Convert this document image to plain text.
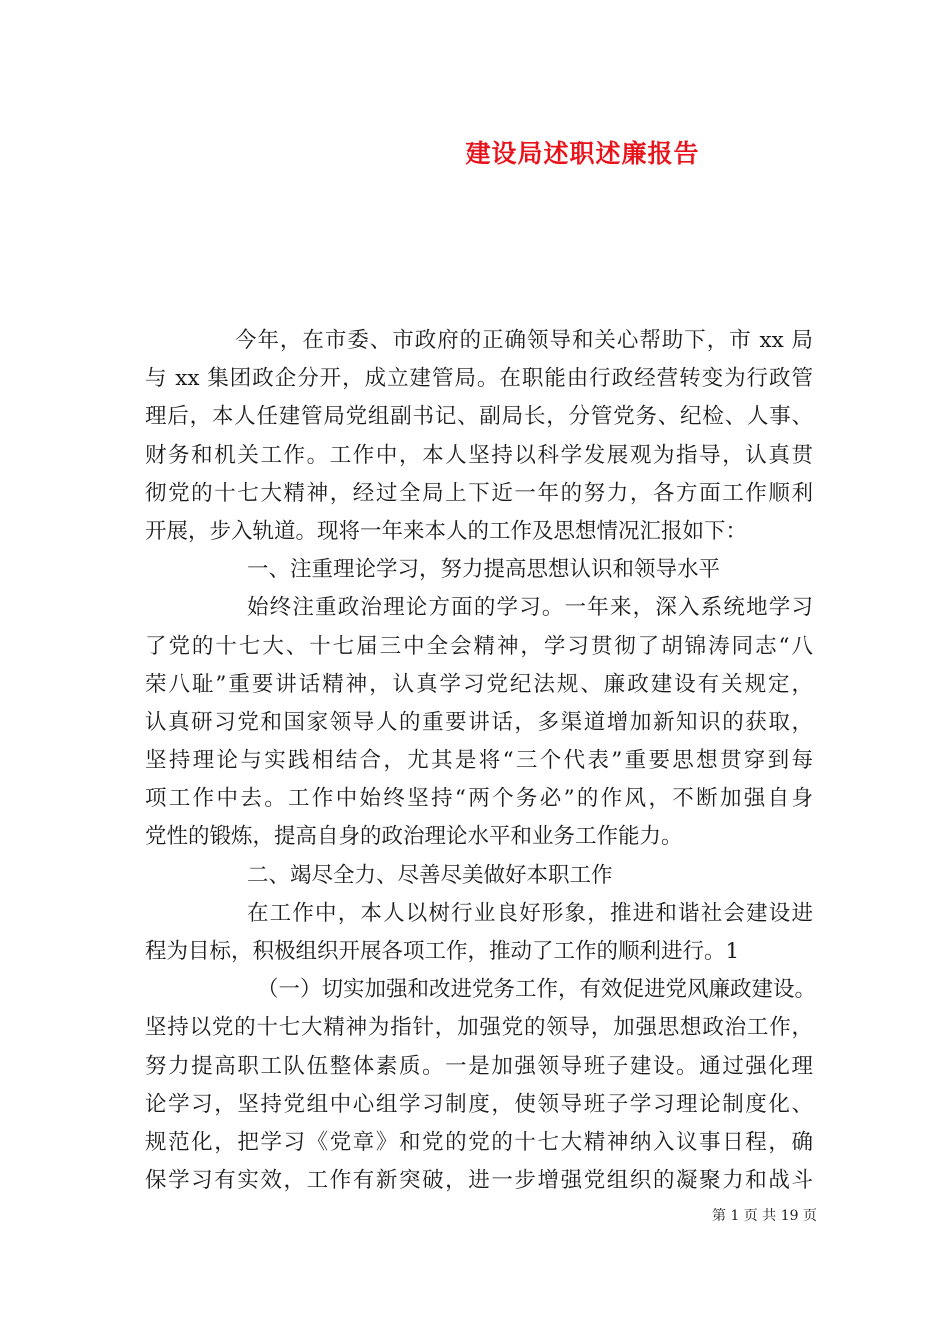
建设局述职述廉报告
今年，在市委、市政府的正确领导和关心帮助下，市 xx 局
与 xx 集团政企分开，成立建管局。在职能由行政经营转变为行政管
理后，本人任建管局党组副书记、副局长，分管党务、纪检、人事、
财务和机关工作。工作中，本人坚持以科学发展观为指导，认真贯
彻党的十七大精神，经过全局上下近一年的努力，各方面工作顺利
开展，步入轨道。现将一年来本人的工作及思想情况汇报如下：
一、注重理论学习，努力提高思想认识和领导水平
始终注重政治理论方面的学习。一年来，深入系统地学习
了党的十七大、十七届三中全会精神，学习贯彻了胡锦涛同志“八
荣八耻”重要讲话精神，认真学习党纪法规、廉政建设有关规定，
认真研习党和国家领导人的重要讲话，多渠道增加新知识的获取，
坚持理论与实践相结合，尤其是将“三个代表”重要思想贯穿到每
项工作中去。工作中始终坚持“两个务必”的作风，不断加强自身
党性的锻炼，提高自身的政治理论水平和业务工作能力。
二、竭尽全力、尽善尽美做好本职工作
在工作中，本人以树行业良好形象，推进和谐社会建设进
程为目标，积极组织开展各项工作，推动了工作的顺利进行。1
（一）切实加强和改进党务工作，有效促进党风廉政建设。
坚持以党的十七大精神为指针，加强党的领导，加强思想政治工作，
努力提高职工队伍整体素质。一是加强领导班子建设。通过强化理
论学习，坚持党组中心组学习制度，使领导班子学习理论制度化、
规范化，把学习《党章》和党的党的十七大精神纳入议事日程，确
保学习有实效，工作有新突破，进一步增强党组织的凝聚力和战斗
第 1 页 共 19 页
